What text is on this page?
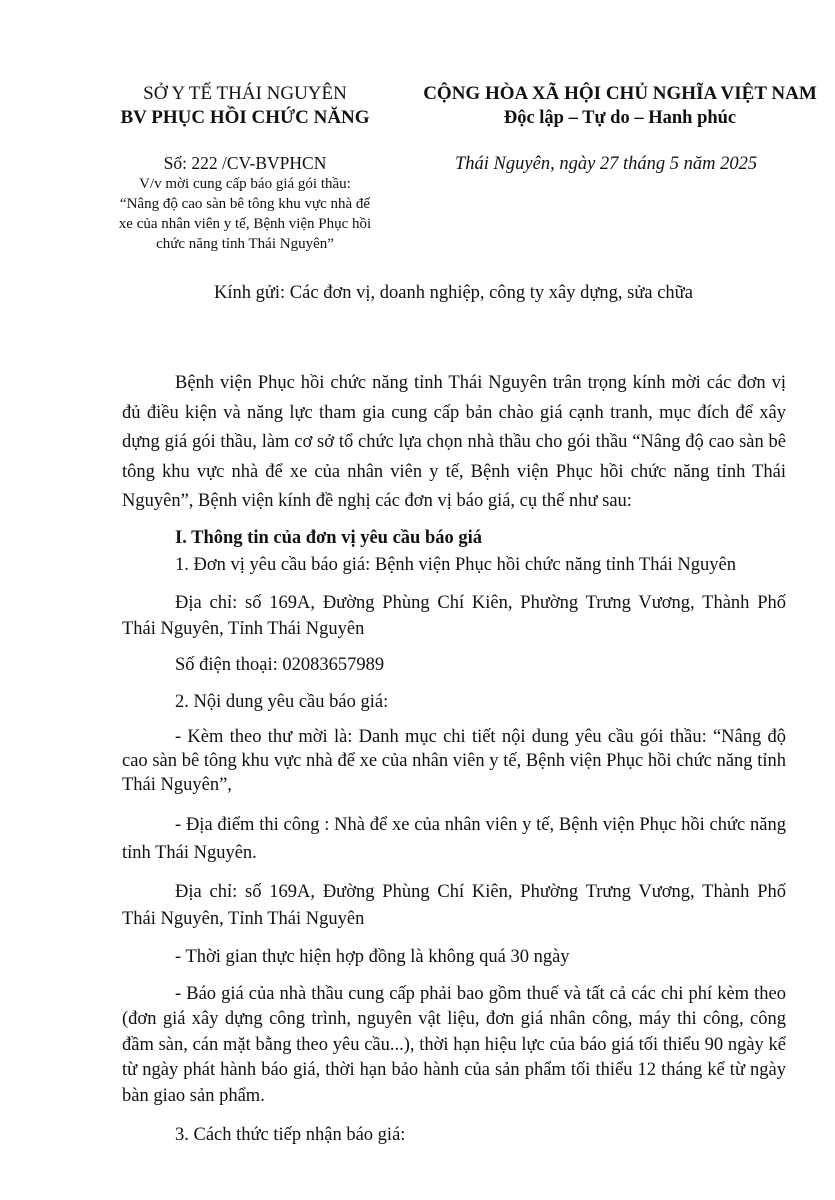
SỞ Y TẾ THÁI NGUYÊN
BV PHỤC HỒI CHỨC NĂNG
CỘNG HÒA XÃ HỘI CHỦ NGHĨA VIỆT NAM
Độc lập – Tự do – Hanh phúc
Số: 222 /CV-BVPHCN
V/v mời cung cấp báo giá gói thầu:
“Nâng độ cao sàn bê tông khu vực nhà để
xe của nhân viên y tế, Bệnh viện Phục hồi
chức năng tỉnh Thái Nguyên”
Thái Nguyên, ngày 27 tháng 5 năm 2025
Kính gửi: Các đơn vị, doanh nghiệp, công ty xây dựng, sửa chữa

Bệnh viện Phục hồi chức năng tỉnh Thái Nguyên trân trọng kính mời các đơn vị đủ điều kiện và năng lực tham gia cung cấp bản chào giá cạnh tranh, mục đích để xây dựng giá gói thầu, làm cơ sở tổ chức lựa chọn nhà thầu cho gói thầu “Nâng độ cao sàn bê tông khu vực nhà để xe của nhân viên y tế, Bệnh viện Phục hồi chức năng tỉnh Thái Nguyên”, Bệnh viện kính đề nghị các đơn vị báo giá, cụ thể như sau:

I. Thông tin của đơn vị yêu cầu báo giá

1. Đơn vị yêu cầu báo giá: Bệnh viện Phục hồi chức năng tỉnh Thái Nguyên

Địa chỉ: số 169A, Đường Phùng Chí Kiên, Phường Trưng Vương, Thành Phố Thái Nguyên, Tỉnh Thái Nguyên

Số điện thoại: 02083657989

2. Nội dung yêu cầu báo giá:

- Kèm theo thư mời là: Danh mục chi tiết nội dung yêu cầu gói thầu: “Nâng độ cao sàn bê tông khu vực nhà để xe của nhân viên y tế, Bệnh viện Phục hồi chức năng tỉnh Thái Nguyên”,

- Địa điểm thi công : Nhà để xe của nhân viên y tế, Bệnh viện Phục hồi chức năng tỉnh Thái Nguyên.

Địa chỉ: số 169A, Đường Phùng Chí Kiên, Phường Trưng Vương, Thành Phố Thái Nguyên, Tỉnh Thái Nguyên

- Thời gian thực hiện hợp đồng là không quá 30 ngày

- Báo giá của nhà thầu cung cấp phải bao gồm thuế và tất cả các chi phí kèm theo (đơn giá xây dựng công trình, nguyên vật liệu, đơn giá nhân công, máy thi công, công đầm sàn, cán mặt bằng theo yêu cầu...), thời hạn hiệu lực của báo giá tối thiểu 90 ngày kể từ ngày phát hành báo giá, thời hạn bảo hành của sản phẩm tối thiểu 12 tháng kể từ ngày bàn giao sản phẩm.

3. Cách thức tiếp nhận báo giá:
